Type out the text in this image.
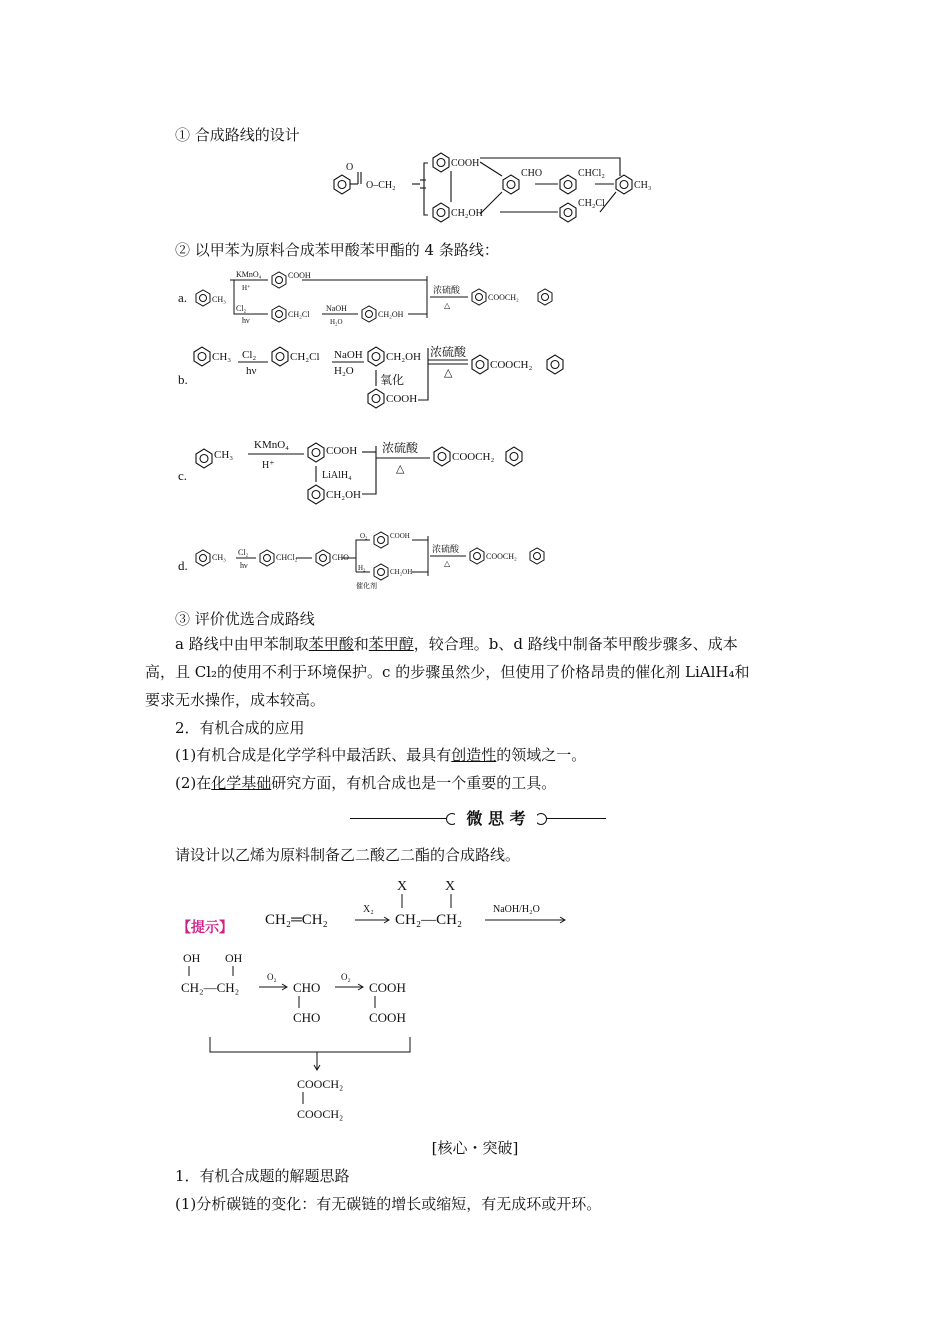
① 合成路线的设计
O–CH₂
O	COOH
CH₂OH
CHO	CHCl₂
CH₂Cl
CH₃
② 以甲苯为原料合成苯甲酸苯甲酯的 4 条路线：
a.	CH₃
KMnO₄
H⁺
Cl₂
hν
COOH
CH₂Cl
NaOH
H₂O
CH₂OH
浓硫酸
△
COOCH₂
b.
CH₃ Cl₂
hν
CH₂Cl NaOH
H₂O
CH₂OH 浓硫酸
△
COOCH₂
氧化
COOH
c.
CH₃
KMnO₄
H⁺
COOH
LiAlH₄
CH₂OH
浓硫酸
△
COOCH₂
d.
CH₃
Cl₂
hν
CHCl₂	CHO
O₂	COOH
H₂
催化剂
CH₂OH
浓硫酸
△
COOCH₂
③ 评价优选合成路线
a 路线中由甲苯制取苯甲酸和苯甲醇，较合理。b、d 路线中制备苯甲酸步骤多、成本
高，且 Cl₂的使用不利于环境保护。c 的步骤虽然少，但使用了价格昂贵的催化剂 LiAlH₄和
要求无水操作，成本较高。
2．有机合成的应用
(1)有机合成是化学学科中最活跃、最具有创造性的领域之一。
(2)在化学基础研究方面，有机合成也是一个重要的工具。
微 思 考
请设计以乙烯为原料制备乙二酸乙二酯的合成路线。
【提示】
CH₂═CH₂
X₂
X	X
CH₂—CH₂
NaOH/H₂O
OH OH
CH₂—CH₂
O₂
CHO
CHO
O₂
COOH
COOH
COOCH₂
COOCH₂
[核心・突破]
1．有机合成题的解题思路
(1)分析碳链的变化：有无碳链的增长或缩短，有无成环或开环。
